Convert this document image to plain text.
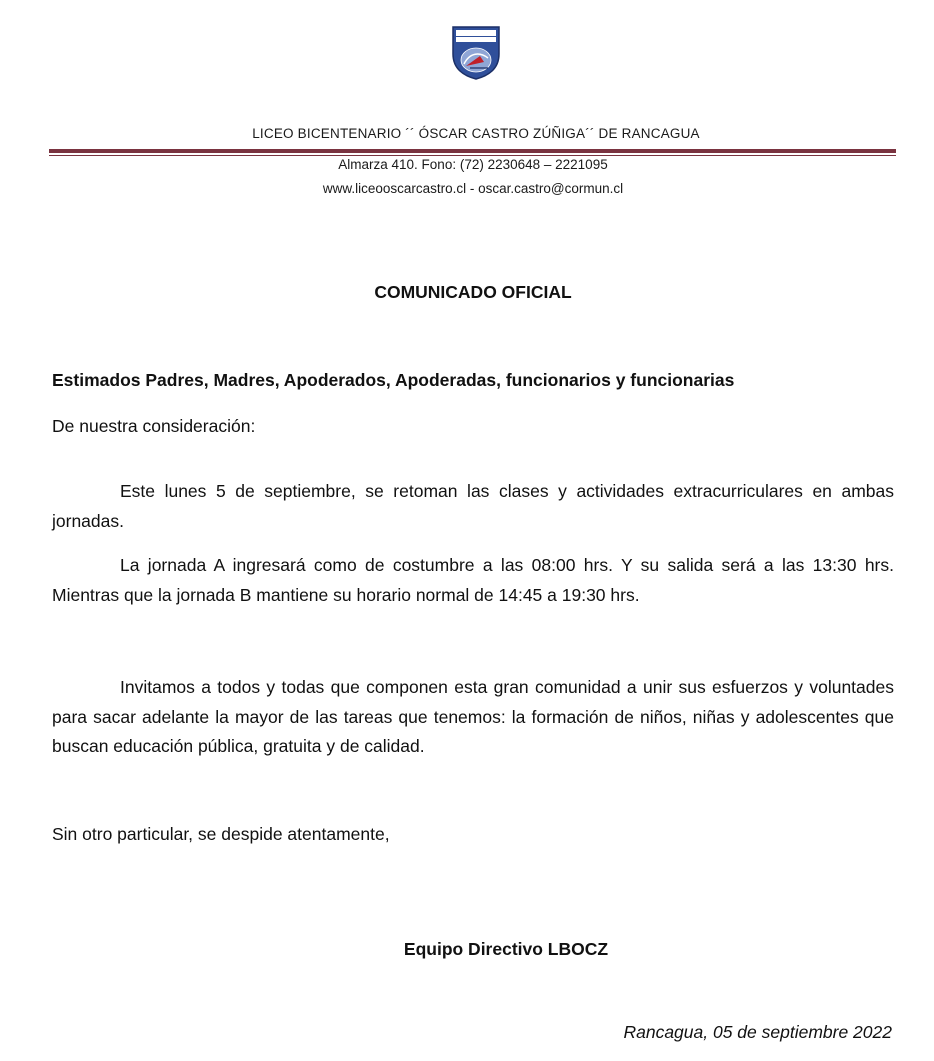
LICEO BICENTENARIO ´´ ÓSCAR CASTRO ZÚÑIGA´´ DE RANCAGUA
Almarza 410. Fono: (72) 2230648 – 2221095
www.liceooscarcastro.cl - oscar.castro@cormun.cl
COMUNICADO OFICIAL
Estimados Padres, Madres, Apoderados, Apoderadas, funcionarios y funcionarias
De nuestra consideración:

Este lunes 5 de septiembre, se retoman las clases y actividades extracurriculares en ambas jornadas.

La jornada A ingresará como de costumbre a las 08:00 hrs. Y su salida será a las 13:30 hrs. Mientras que la jornada B mantiene su horario normal de 14:45 a 19:30 hrs.

Invitamos a todos y todas que componen esta gran comunidad a unir sus esfuerzos y voluntades para sacar adelante la mayor de las tareas que tenemos: la formación de niños, niñas y adolescentes que buscan educación pública, gratuita y de calidad.

Sin otro particular, se despide atentamente,
Equipo Directivo LBOCZ
Rancagua, 05 de septiembre 2022
